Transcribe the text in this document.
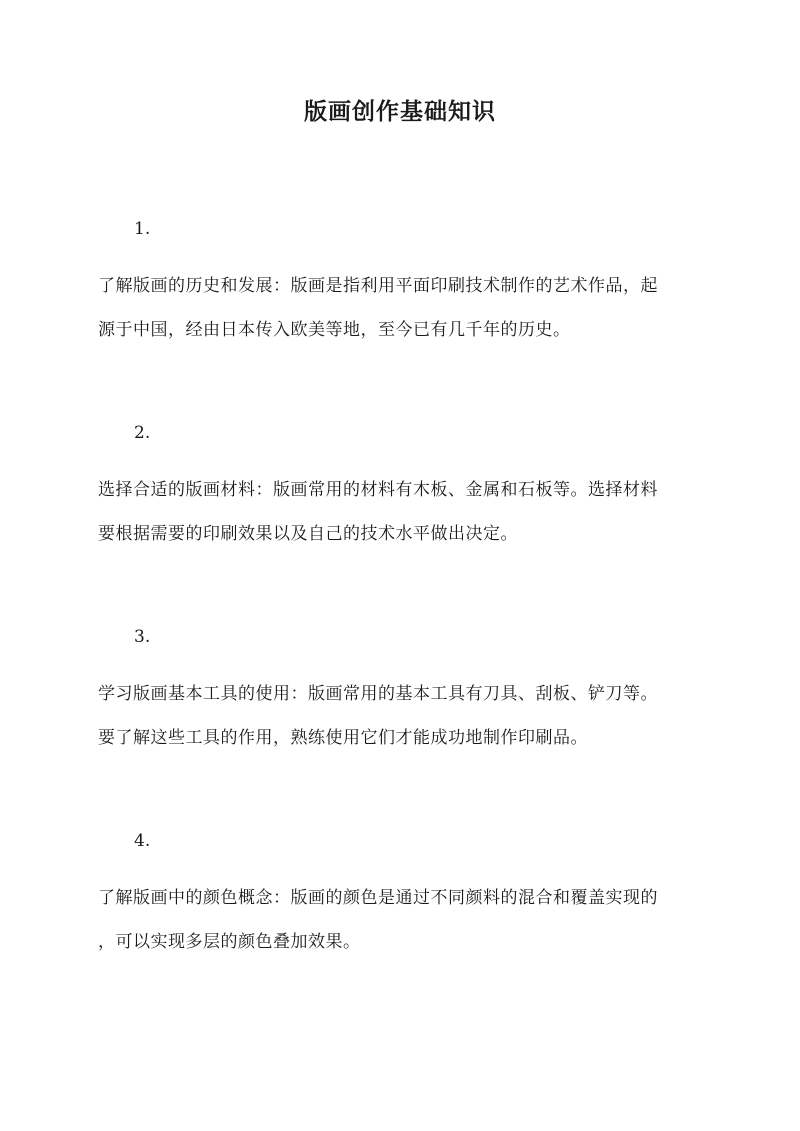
版画创作基础知识
1.
了解版画的历史和发展：版画是指利用平面印刷技术制作的艺术作品，起
源于中国，经由日本传入欧美等地，至今已有几千年的历史。
2.
选择合适的版画材料：版画常用的材料有木板、金属和石板等。选择材料
要根据需要的印刷效果以及自己的技术水平做出决定。
3.
学习版画基本工具的使用：版画常用的基本工具有刀具、刮板、铲刀等。
要了解这些工具的作用，熟练使用它们才能成功地制作印刷品。
4.
了解版画中的颜色概念：版画的颜色是通过不同颜料的混合和覆盖实现的
，可以实现多层的颜色叠加效果。
